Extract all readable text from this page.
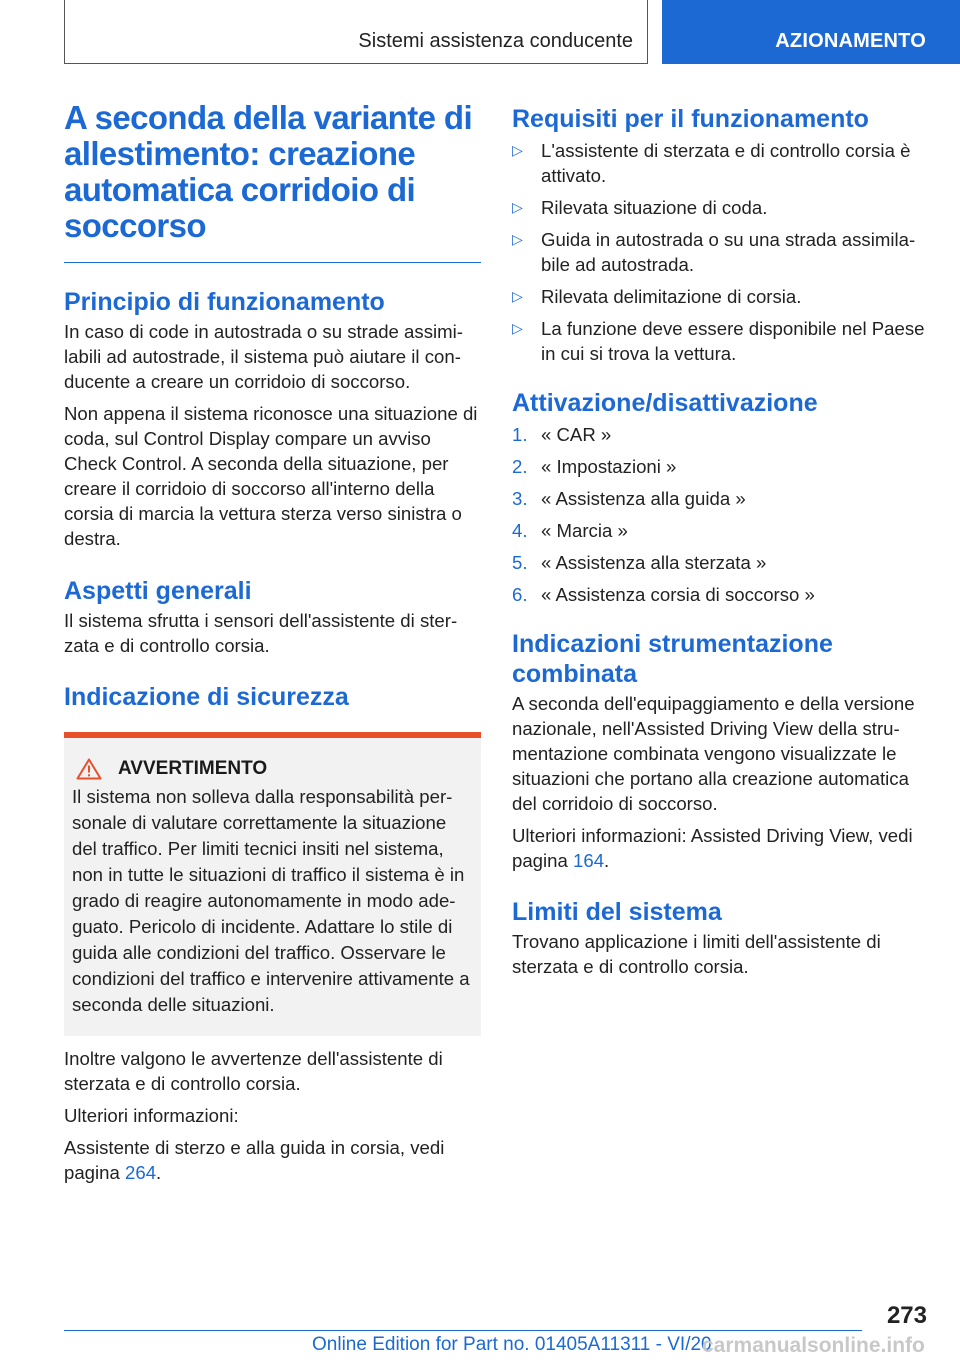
Sistemi assistenza conducente	AZIONAMENTO
A seconda della variante di allestimento: creazione automatica corridoio di soccorso
Principio di funzionamento

In caso di code in autostrada o su strade assimilabili ad autostrade, il sistema può aiutare il conducente a creare un corridoio di soccorso.

Non appena il sistema riconosce una situazione di coda, sul Control Display compare un avviso Check Control. A seconda della situazione, per creare il corridoio di soccorso all'interno della corsia di marcia la vettura sterza verso sinistra o destra.

Aspetti generali

Il sistema sfrutta i sensori dell'assistente di sterzata e di controllo corsia.

Indicazione di sicurezza
AVVERTIMENTO

Il sistema non solleva dalla responsabilità personale di valutare correttamente la situazione del traffico. Per limiti tecnici insiti nel sistema, non in tutte le situazioni di traffico il sistema è in grado di reagire autonomamente in modo adeguato. Pericolo di incidente. Adattare lo stile di guida alle condizioni del traffico. Osservare le condizioni del traffico e intervenire attivamente a seconda delle situazioni.

Inoltre valgono le avvertenze dell'assistente di sterzata e di controllo corsia.

Ulteriori informazioni:

Assistente di sterzo e alla guida in corsia, vedi pagina 264.

Requisiti per il funzionamento
▷ L'assistente di sterzata e di controllo corsia è attivato.
▷ Rilevata situazione di coda.
▷ Guida in autostrada o su una strada assimilabile ad autostrada.
▷ Rilevata delimitazione di corsia.
▷ La funzione deve essere disponibile nel Paese in cui si trova la vettura.
Attivazione/disattivazione
1. « CAR »
2. « Impostazioni »
3. « Assistenza alla guida »
4. « Marcia »
5. « Assistenza alla sterzata »
6. « Assistenza corsia di soccorso »
Indicazioni strumentazione combinata

A seconda dell'equipaggiamento e della versione nazionale, nell'Assisted Driving View della strumentazione combinata vengono visualizzate le situazioni che portano alla creazione automatica del corridoio di soccorso.

Ulteriori informazioni: Assisted Driving View, vedi pagina 164.

Limiti del sistema

Trovano applicazione i limiti dell'assistente di sterzata e di controllo corsia.

273
Online Edition for Part no. 01405A11311 - VI/20
carmanualsonline.info
